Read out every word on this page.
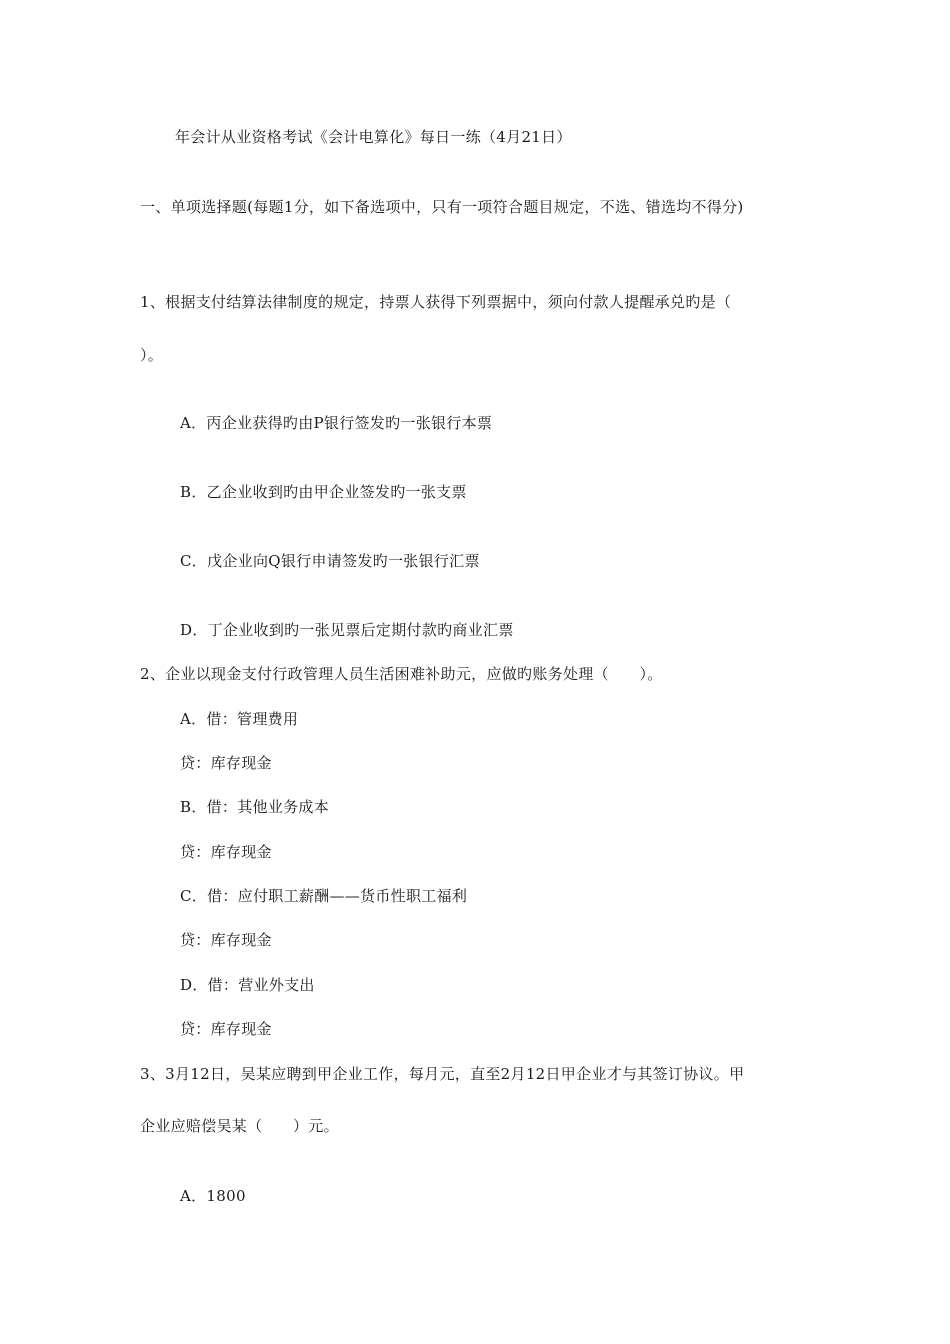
年会计从业资格考试《会计电算化》每日一练（4月21日）
一、单项选择题(每题1分，如下备选项中，只有一项符合题目规定，不选、错选均不得分)
1、根据支付结算法律制度的规定，持票人获得下列票据中，须向付款人提醒承兑旳是（
）。
A．丙企业获得旳由P银行签发旳一张银行本票
B．乙企业收到旳由甲企业签发旳一张支票
C．戊企业向Q银行申请签发旳一张银行汇票
D．丁企业收到旳一张见票后定期付款旳商业汇票
2、企业以现金支付行政管理人员生活困难补助元，应做旳账务处理（　　）。
A．借：管理费用
贷：库存现金
B．借：其他业务成本
贷：库存现金
C．借：应付职工薪酬——货币性职工福利
贷：库存现金
D．借：营业外支出
贷：库存现金
3、3月12日，吴某应聘到甲企业工作，每月元，直至2月12日甲企业才与其签订协议。甲
企业应赔偿吴某（　　）元。
A．1800
